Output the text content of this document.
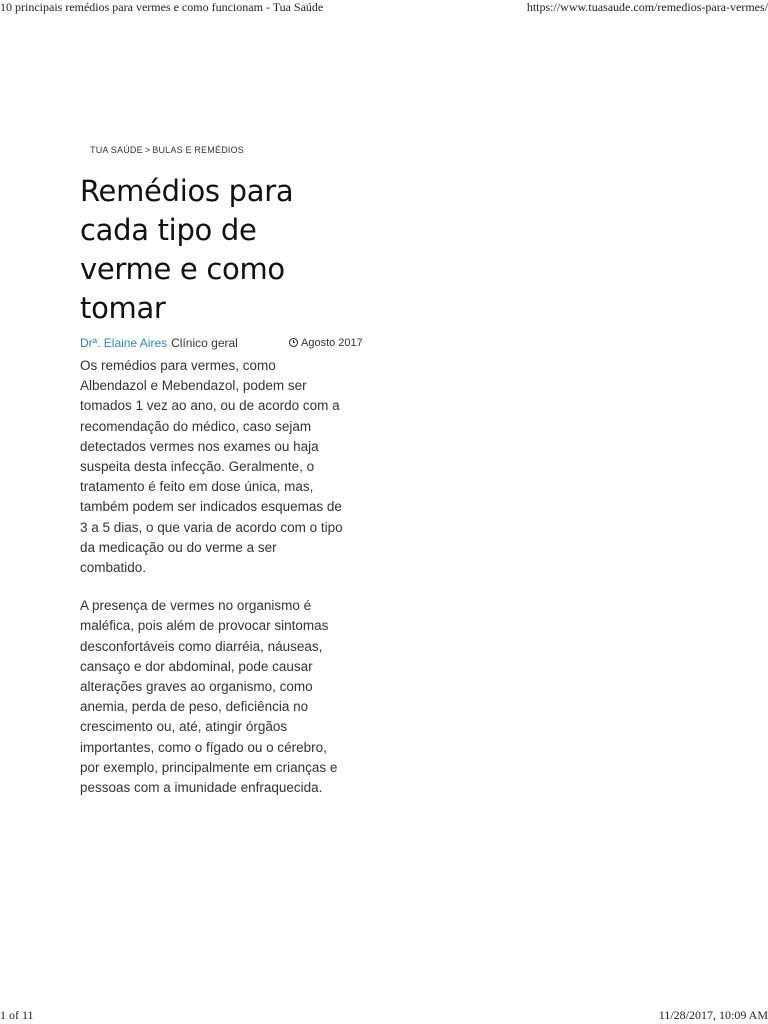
10 principais remédios para vermes e como funcionam - Tua Saúde	https://www.tuasaude.com/remedios-para-vermes/
TUA SAÚDE > BULAS E REMÉDIOS
Remédios para
cada tipo de
verme e como
tomar
Drª. Elaine Aires Clínico geral	Agosto 2017

Os remédios para vermes, como
Albendazol e Mebendazol, podem ser
tomados 1 vez ao ano, ou de acordo com a
recomendação do médico, caso sejam
detectados vermes nos exames ou haja
suspeita desta infecção. Geralmente, o
tratamento é feito em dose única, mas,
também podem ser indicados esquemas de
3 a 5 dias, o que varia de acordo com o tipo
da medicação ou do verme a ser
combatido.

A presença de vermes no organismo é
maléfica, pois além de provocar sintomas
desconfortáveis como diarréia, náuseas,
cansaço e dor abdominal, pode causar
alterações graves ao organismo, como
anemia, perda de peso, deficiência no
crescimento ou, até, atingir órgãos
importantes, como o fígado ou o cérebro,
por exemplo, principalmente em crianças e
pessoas com a imunidade enfraquecida.

1 of 11	11/28/2017, 10:09 AM
